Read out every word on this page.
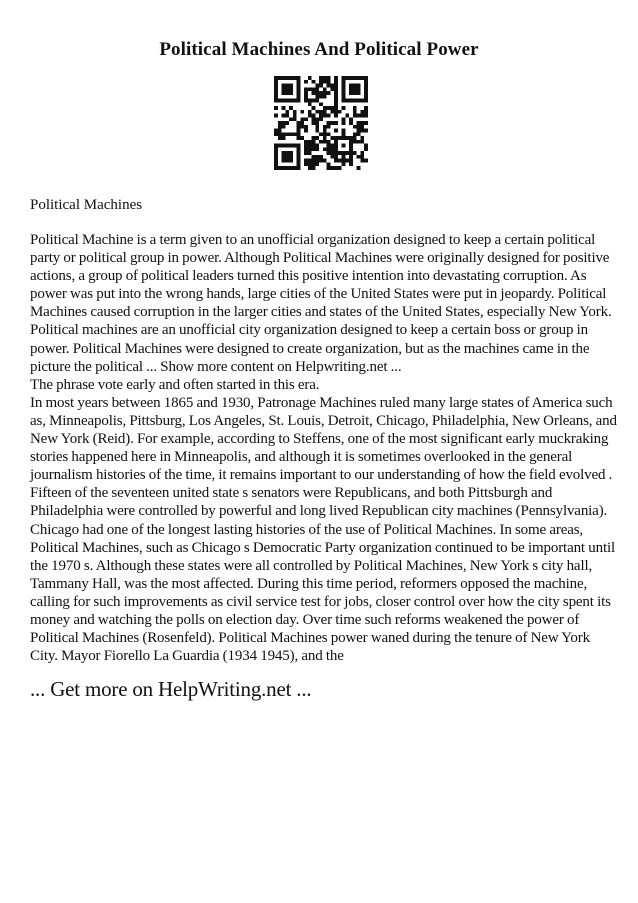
Political Machines And Political Power
Political Machines

Political Machine is a term given to an unofficial organization designed to keep a certain political party or political group in power. Although Political Machines were originally designed for positive actions, a group of political leaders turned this positive intention into devastating corruption. As power was put into the wrong hands, large cities of the United States were put in jeopardy. Political Machines caused corruption in the larger cities and states of the United States, especially New York.

Political machines are an unofficial city organization designed to keep a certain boss or group in power. Political Machines were designed to create organization, but as the machines came in the picture the political ... Show more content on Helpwriting.net ...

The phrase vote early and often started in this era.

In most years between 1865 and 1930, Patronage Machines ruled many large states of America such as, Minneapolis, Pittsburg, Los Angeles, St. Louis, Detroit, Chicago, Philadelphia, New Orleans, and New York (Reid). For example, according to Steffens, one of the most significant early muckraking stories happened here in Minneapolis, and although it is sometimes overlooked in the general journalism histories of the time, it remains important to our understanding of how the field evolved . Fifteen of the seventeen united state s senators were Republicans, and both Pittsburgh and Philadelphia were controlled by powerful and long lived Republican city machines (Pennsylvania). Chicago had one of the longest lasting histories of the use of Political Machines. In some areas, Political Machines, such as Chicago s Democratic Party organization continued to be important until the 1970 s. Although these states were all controlled by Political Machines, New York s city hall, Tammany Hall, was the most affected. During this time period, reformers opposed the machine, calling for such improvements as civil service test for jobs, closer control over how the city spent its money and watching the polls on election day. Over time such reforms weakened the power of Political Machines (Rosenfeld). Political Machines power waned during the tenure of New York City. Mayor Fiorello La Guardia (1934 1945), and the

... Get more on HelpWriting.net ...
